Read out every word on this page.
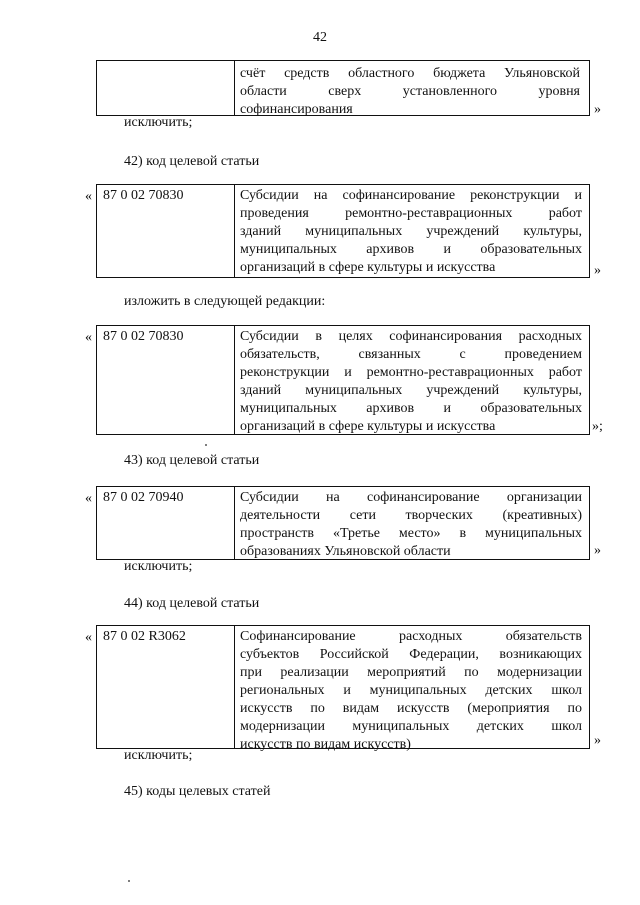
42
счёт средств областного бюджета Ульяновской
области сверх установленного уровня
софинансирования	»
исключить;
42) код целевой статьи
« 87 0 02 70830	Субсидии на софинансирование реконструкции и
проведения ремонтно-реставрационных работ
зданий муниципальных учреждений культуры,
муниципальных архивов и образовательных
организаций в сфере культуры и искусства	»
изложить в следующей редакции:
« 87 0 02 70830	Субсидии в целях софинансирования расходных
обязательств, связанных с проведением
реконструкции и ремонтно-реставрационных работ
зданий муниципальных учреждений культуры,
муниципальных архивов и образовательных
организаций в сфере культуры и искусства	»;
43) код целевой статьи
« 87 0 02 70940	Субсидии на софинансирование организации
деятельности сети творческих (креативных)
пространств «Третье место» в муниципальных
образованиях Ульяновской области	»
исключить;
44) код целевой статьи
« 87 0 02 R3062	Софинансирование расходных обязательств
субъектов Российской Федерации, возникающих
при реализации мероприятий по модернизации
региональных и муниципальных детских школ
искусств по видам искусств (мероприятия по
модернизации муниципальных детских школ
искусств по видам искусств)	»
исключить;
45) коды целевых статей
